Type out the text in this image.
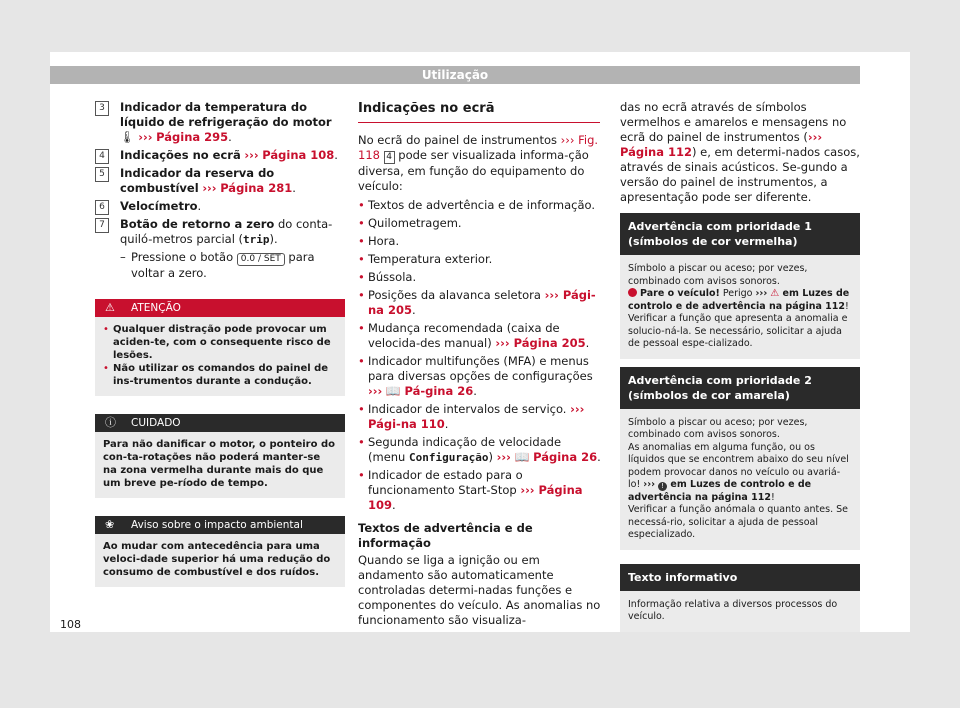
Utilização
3	Indicador da temperatura do líquido de refrigeração do motor 🌡 ››› Página 295.
4	Indicações no ecrã ››› Página 108.
5	Indicador da reserva do combustível ››› Página 281.
6	Velocímetro.
7	Botão de retorno a zero do conta-quiló-metros parcial (trip).
– Pressione o botão 0.0 / SET para voltar a zero.
⚠ ATENÇÃO

• Qualquer distração pode provocar um aciden-te, com o consequente risco de lesões.

• Não utilizar os comandos do painel de ins-trumentos durante a condução.

ⓘ CUIDADO

Para não danificar o motor, o ponteiro do con-ta-rotações não poderá manter-se na zona vermelha durante mais do que um breve pe-ríodo de tempo.

❀ Aviso sobre o impacto ambiental

Ao mudar com antecedência para uma veloci-dade superior há uma redução do consumo de combustível e dos ruídos.

Indicações no ecrã

No ecrã do painel de instrumentos ››› Fig. 118 4 pode ser visualizada informa-ção diversa, em função do equipamento do veículo:

• Textos de advertência e de informação.
• Quilometragem.
• Hora.
• Temperatura exterior.
• Bússola.
• Posições da alavanca seletora ››› Pági-na 205.
• Mudança recomendada (caixa de velocida-des manual) ››› Página 205.
• Indicador multifunções (MFA) e menus para diversas opções de configurações ››› 📖 Pá-gina 26.
• Indicador de intervalos de serviço. ››› Pági-na 110.
• Segunda indicação de velocidade (menu Configuração) ››› 📖 Página 26.
• Indicador de estado para o funcionamento Start-Stop ››› Página 109.
Textos de advertência e de informação

Quando se liga a ignição ou em andamento são automaticamente controladas determi-nadas funções e componentes do veículo. As anomalias no funcionamento são visualiza-

das no ecrã através de símbolos vermelhos e amarelos e mensagens no ecrã do painel de instrumentos (››› Página 112) e, em determi-nados casos, através de sinais acústicos. Se-gundo a versão do painel de instrumentos, a apresentação pode ser diferente.

Advertência com prioridade 1 (símbolos de cor vermelha)

Símbolo a piscar ou aceso; por vezes, combinado com avisos sonoros.

Pare o veículo! Perigo ››› ⚠ em Luzes de controlo e de advertência na página 112!

Verificar a função que apresenta a anomalia e solucio-ná-la. Se necessário, solicitar a ajuda de pessoal espe-cializado.

Advertência com prioridade 2 (símbolos de cor amarela)

Símbolo a piscar ou aceso; por vezes, combinado com avisos sonoros.

As anomalias em alguma função, ou os líquidos que se encontrem abaixo do seu nível podem provocar danos no veículo ou avariá-lo! ››› ! em Luzes de controlo e de advertência na página 112!

Verificar a função anómala o quanto antes. Se necessá-rio, solicitar a ajuda de pessoal especializado.

Texto informativo

Informação relativa a diversos processos do veículo.

108
